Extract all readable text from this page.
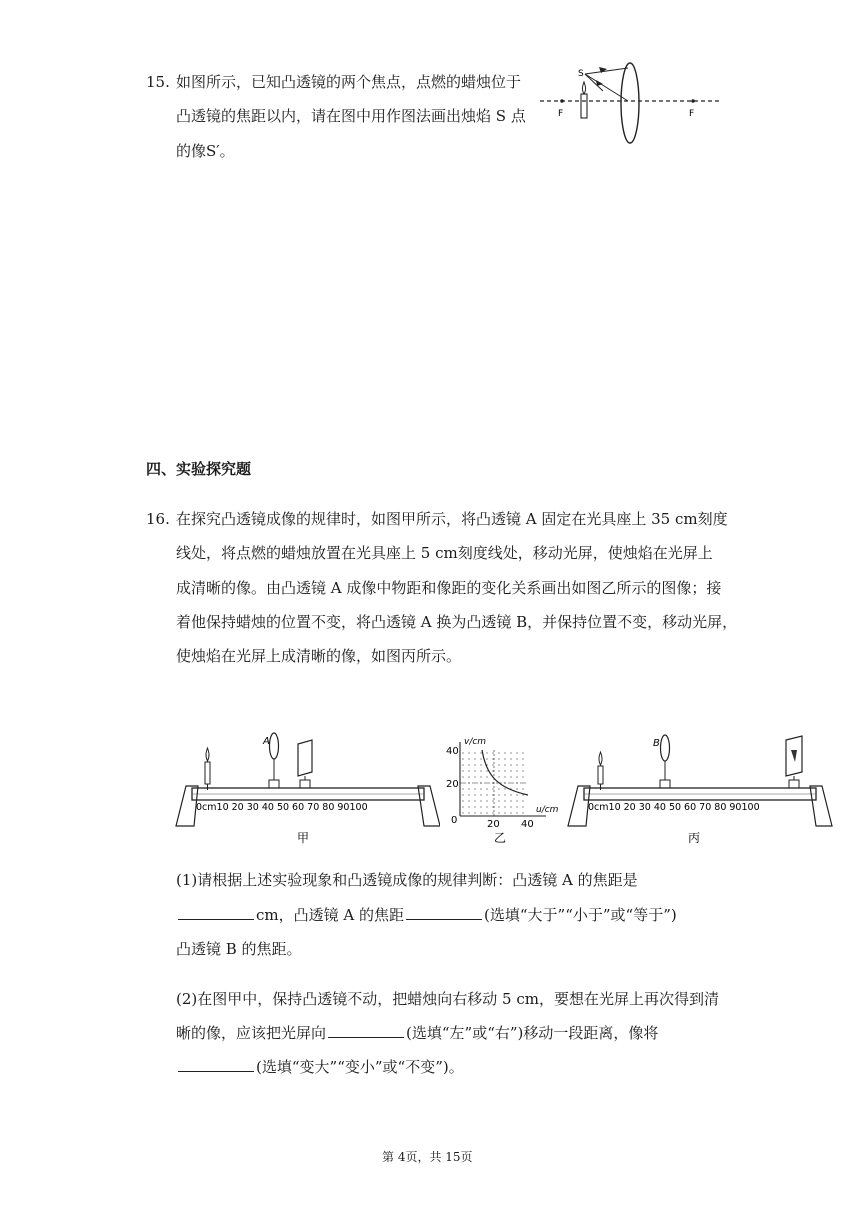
15. 如图所示，已知凸透镜的两个焦点，点燃的蜡烛位于
凸透镜的焦距以内，请在图中用作图法画出烛焰 S 点
的像S′。
F	F
S
四、实验探究题
16. 在探究凸透镜成像的规律时，如图甲所示，将凸透镜 A 固定在光具座上 35 cm刻度
线处，将点燃的蜡烛放置在光具座上 5 cm刻度线处，移动光屏，使烛焰在光屏上
成清晰的像。由凸透镜 A 成像中物距和像距的变化关系画出如图乙所示的图像；接
着他保持蜡烛的位置不变，将凸透镜 A 换为凸透镜 B，并保持位置不变，移动光屏，
使烛焰在光屏上成清晰的像，如图丙所示。
0cm10 20 30 40 50 60 70 80 90100
A
甲
v/cm
u/cm
40
20
0	20 40
乙
0cm10 20 30 40 50 60 70 80 90100
B
丙
(1)请根据上述实验现象和凸透镜成像的规律判断：凸透镜 A 的焦距是
cm，凸透镜 A 的焦距	(选填“大于”“小于”或“等于”)
凸透镜 B 的焦距。
(2)在图甲中，保持凸透镜不动，把蜡烛向右移动 5 cm，要想在光屏上再次得到清
晰的像，应该把光屏向	(选填“左”或“右”)移动一段距离，像将
(选填“变大”“变小”或“不变”)。
第 4页，共 15页
